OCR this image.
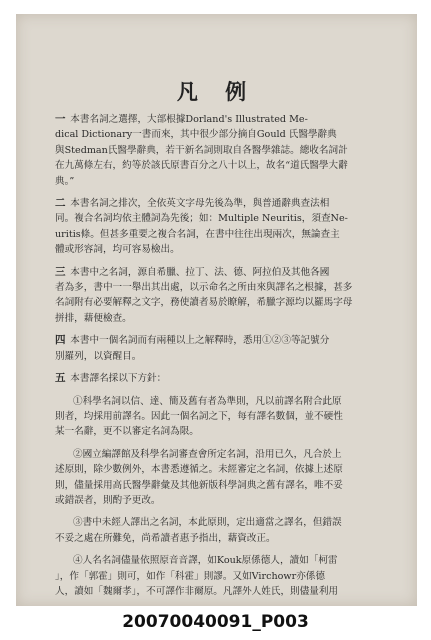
凡 例
一  本書名詞之選擇，大部根據Dorland's Illustrated Me-
dical Dictionary一書而來，其中很少部分摘自Gould 氏醫學辭典
與Stedman氏醫學辭典，若干新名詞則取自各醫學雜誌。總收名詞計
在九萬條左右，約等於該氏原書百分之八十以上，故名“道氏醫學大辭
典。”
二  本書名詞之排次，全依英文字母先後為準，與普通辭典查法相
同。複合名詞均依主體詞為先後；如：Multiple Neuritis，須查Ne-
uritis條。但甚多重要之複合名詞，在書中往往出現兩次，無論查主
體或形容詞，均可容易檢出。
三  本書中之名詞，源自希臘、拉丁、法、德、阿拉伯及其他各國
者為多，書中一一舉出其出處，以示命名之所由來與譯名之根據，甚多
名詞附有必要解釋之文字，務使讀者易於瞭解，希臘字源均以羅馬字母
拼排，藉便檢查。
四  本書中一個名詞而有兩種以上之解釋時，悉用①②③等記號分
別羅列，以資醒目。
五  本書譯名採以下方針：
①科學名詞以信、達、簡及舊有者為準則，凡以前譯名附合此原
則者，均採用前譯名。因此一個名詞之下，每有譯名數個，並不硬性
某一名辭，更不以審定名詞為限。
②國立編譯館及科學名詞審查會所定名詞，沿用已久，凡合於上
述原則，除少數例外，本書悉遵循之。未經審定之名詞，依據上述原
則，儘量採用高氏醫學辭彙及其他新版科學詞典之舊有譯名，唯不妥
或錯誤者，則酌予更改。
③書中未經人譯出之名詞，本此原則，定出適當之譯名，但錯誤
不妥之處在所難免，尚希讀者惠予指出，藉資改正。
④人名名詞儘量依照原音音譯，如Kouk原係德人，讀如「柯雷
」，作「郭霍」則可，如作「科霍」則謬。又如Virchowr亦係德
人，讀如「魏爾孝」，不可譯作非爾原。凡譯外人姓氏，則儘量利用
20070040091_P003
